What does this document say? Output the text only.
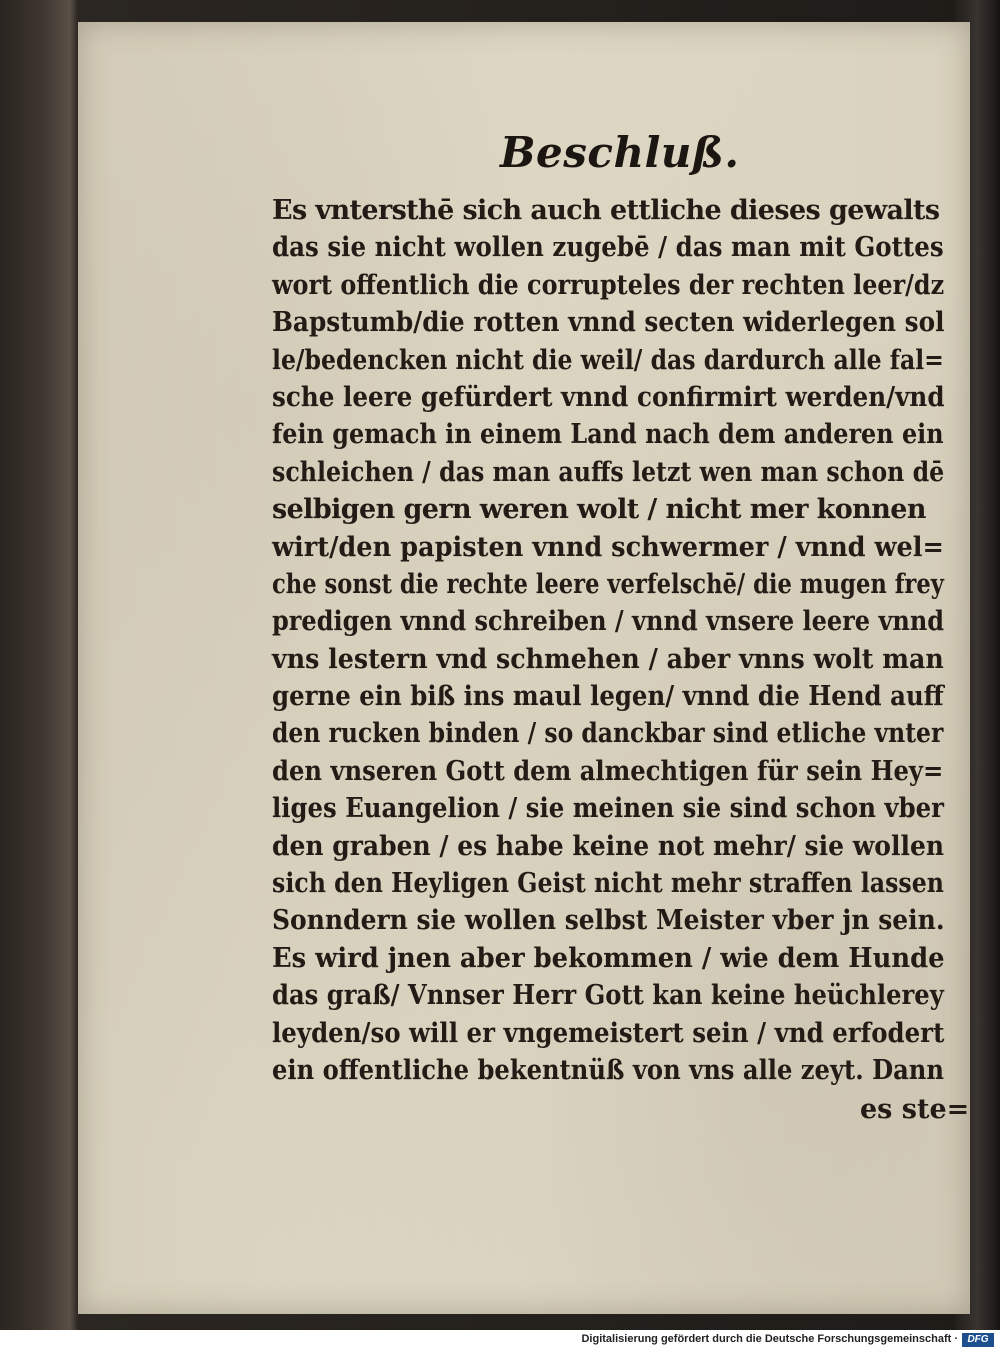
Beschluß.
Es vntersthē sich auch ettliche dieses gewalts
das sie nicht wollen zugebē / das man mit Gottes
wort offentlich die corrupteles der rechten leer/dz
Bapstumb/die rotten vnnd secten widerlegen sol
le/bedencken nicht die weil/ das dardurch alle fal=
sche leere gefürdert vnnd confirmirt werden/vnd
fein gemach in einem Land nach dem anderen ein
schleichen / das man auffs letzt wen man schon dē
selbigen gern weren wolt / nicht mer konnen
wirt/den papisten vnnd schwermer / vnnd wel=
che sonst die rechte leere verfelschē/ die mugen frey
predigen vnnd schreiben / vnnd vnsere leere vnnd
vns lestern vnd schmehen / aber vnns wolt man
gerne ein biß ins maul legen/ vnnd die Hend auff
den rucken binden / so danckbar sind etliche vnter
den vnseren Gott dem almechtigen für sein Hey=
liges Euangelion / sie meinen sie sind schon vber
den graben / es habe keine not mehr/ sie wollen
sich den Heyligen Geist nicht mehr straffen lassen
Sonndern sie wollen selbst Meister vber jn sein.
Es wird jnen aber bekommen / wie dem Hunde
das graß/ Vnnser Herr Gott kan keine heüchlerey
leyden/so will er vngemeistert sein / vnd erfodert
ein offentliche bekentnüß von vns alle zeyt. Dann
es ste=
Digitalisierung gefördert durch die Deutsche Forschungsgemeinschaft · DFG
